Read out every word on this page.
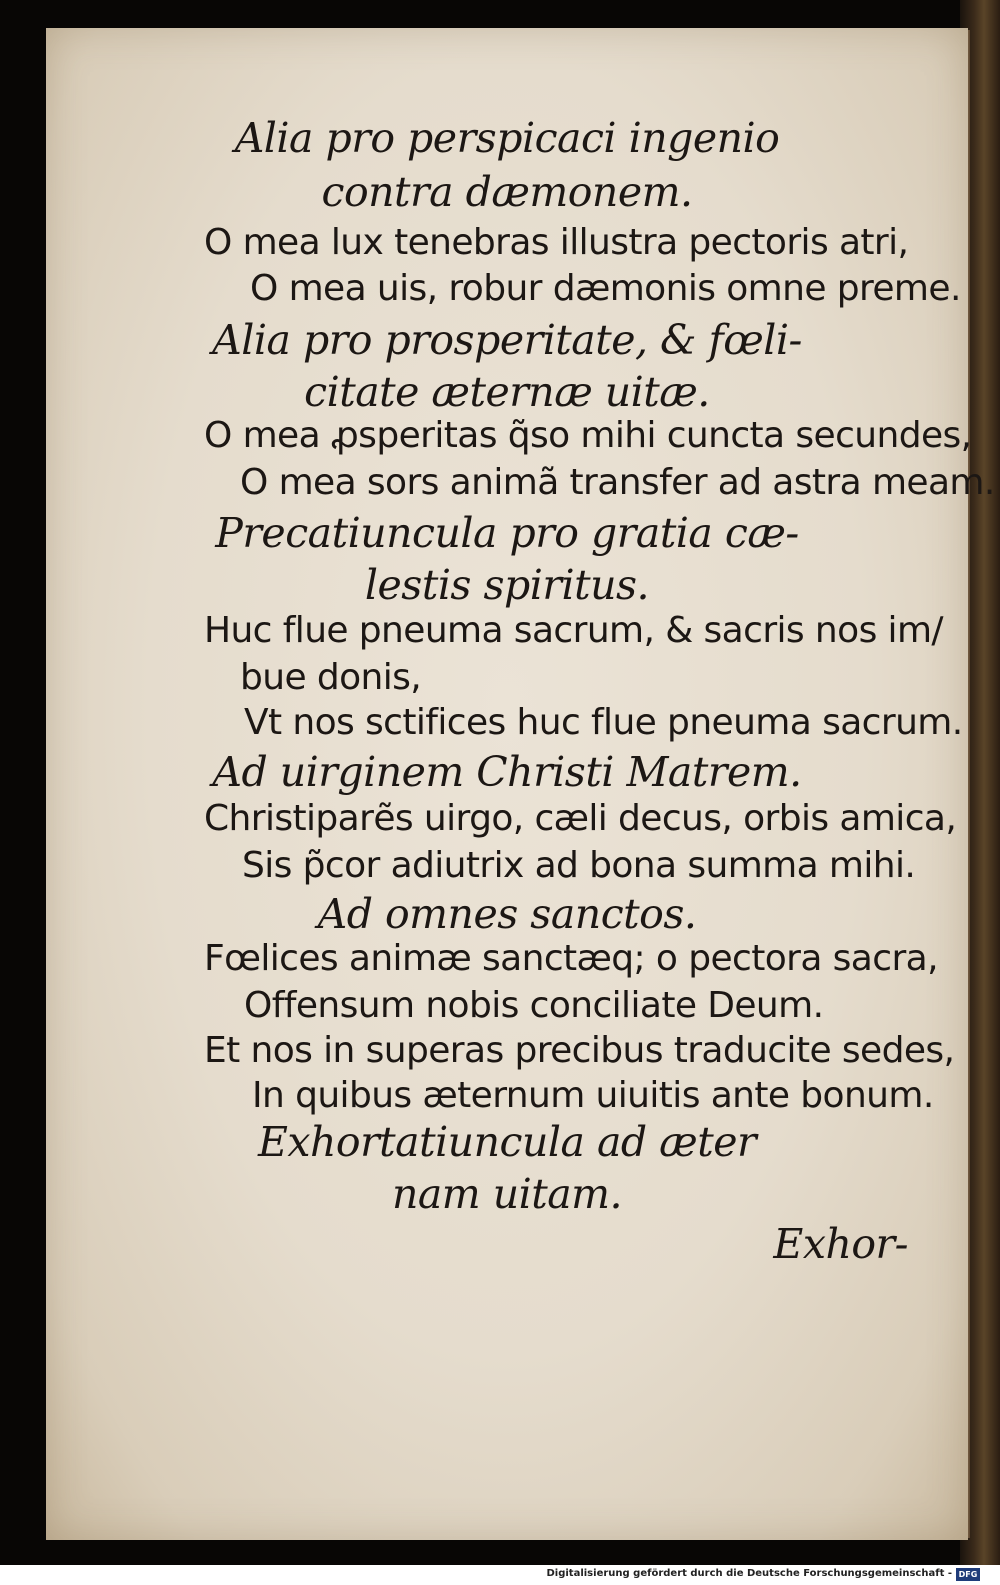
Alia pro perspicaci ingenio
contra dæmonem.
O mea lux tenebras illustra pectoris atri,
O mea uis, robur dæmonis omne preme.
Alia pro prosperitate, & fœli-
citate æternæ uitæ.
O mea ꝓsperitas q̃so mihi cuncta secundes,
O mea sors animã transfer ad astra meam.
Precatiuncula pro gratia cæ-
lestis spiritus.
Huc flue pneuma sacrum, & sacris nos im/
bue donis,
Vt nos sctifices huc flue pneuma sacrum.
Ad uirginem Christi Matrem.
Christiparẽs uirgo, cæli decus, orbis amica,
Sis p̃cor adiutrix ad bona summa mihi.
Ad omnes sanctos.
Fœlices animæ sanctæq; o pectora sacra,
Offensum nobis conciliate Deum.
Et nos in superas precibus traducite sedes,
In quibus æternum uiuitis ante bonum.
Exhortatiuncula ad æter
nam uitam.
Exhor-
Digitalisierung gefördert durch die Deutsche Forschungsgemeinschaft - DFG
